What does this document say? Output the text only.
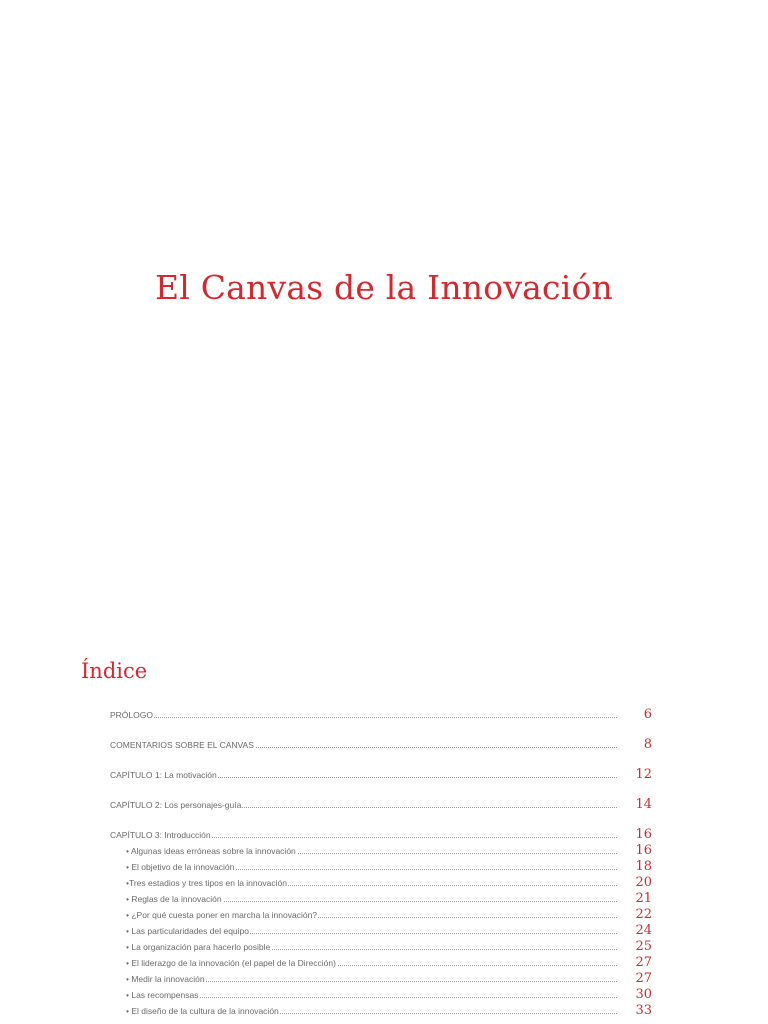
El Canvas de la Innovación
Índice
PRÓLOGO	6
COMENTARIOS SOBRE EL CANVAS	8
CAPÍTULO 1: La motivación	12
CAPÍTULO 2: Los personajes-guía	14
CAPÍTULO 3: Introducción	16
• Algunas ideas erróneas sobre la innovación	16
• El objetivo de la innovación	18
•Tres estadios y tres tipos en la innovación	20
• Reglas de la innovación	21
• ¿Por qué cuesta poner en marcha la innovación?	22
• Las particularidades del equipo	24
• La organización para hacerlo posible	25
• El liderazgo de la innovación (el papel de la Dirección)	27
• Medir la innovación	27
• Las recompensas	30
• El diseño de la cultura de la innovación	33
